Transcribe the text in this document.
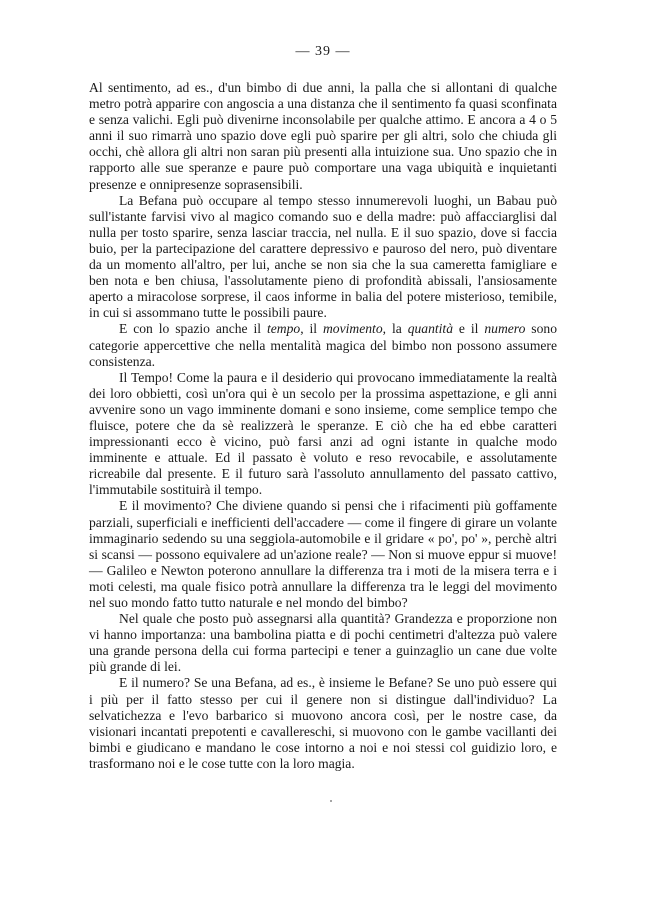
— 39 —

Al sentimento, ad es., d'un bimbo di due anni, la palla che si allontani di qualche metro potrà apparire con angoscia a una distanza che il sentimento fa quasi sconfinata e senza valichi. Egli può divenirne inconsolabile per qualche attimo. E ancora a 4 o 5 anni il suo rimarrà uno spazio dove egli può sparire per gli altri, solo che chiuda gli occhi, chè allora gli altri non saran più presenti alla intuizione sua. Uno spazio che in rapporto alle sue speranze e paure può comportare una vaga ubiquità e inquietanti presenze e onnipresenze soprasensibili.

La Befana può occupare al tempo stesso innumerevoli luoghi, un Babau può sull'istante farvisi vivo al magico comando suo e della madre: può affacciarglisi dal nulla per tosto sparire, senza lasciar traccia, nel nulla. E il suo spazio, dove si faccia buio, per la partecipazione del carattere depressivo e pauroso del nero, può diventare da un momento all'altro, per lui, anche se non sia che la sua cameretta famigliare e ben nota e ben chiusa, l'assolutamente pieno di profondità abissali, l'ansiosamente aperto a miracolose sorprese, il caos informe in balia del potere misterioso, temibile, in cui si assommano tutte le possibili paure.

E con lo spazio anche il tempo, il movimento, la quantità e il numero sono categorie appercettive che nella mentalità magica del bimbo non possono assumere consistenza.

Il Tempo! Come la paura e il desiderio qui provocano immediatamente la realtà dei loro obbietti, così un'ora qui è un secolo per la prossima aspettazione, e gli anni avvenire sono un vago imminente domani e sono insieme, come semplice tempo che fluisce, potere che da sè realizzerà le speranze. E ciò che ha ed ebbe caratteri impressionanti ecco è vicino, può farsi anzi ad ogni istante in qualche modo imminente e attuale. Ed il passato è voluto e reso revocabile, e assolutamente ricreabile dal presente. E il futuro sarà l'assoluto annullamento del passato cattivo, l'immutabile sostituirà il tempo.

E il movimento? Che diviene quando si pensi che i rifacimenti più goffamente parziali, superficiali e inefficienti dell'accadere — come il fingere di girare un volante immaginario sedendo su una seggiola-automobile e il gridare « po', po' », perchè altri si scansi — possono equivalere ad un'azione reale? — Non si muove eppur si muove! — Galileo e Newton poterono annullare la differenza tra i moti de la misera terra e i moti celesti, ma quale fisico potrà annullare la differenza tra le leggi del movimento nel suo mondo fatto tutto naturale e nel mondo del bimbo?

Nel quale che posto può assegnarsi alla quantità? Grandezza e proporzione non vi hanno importanza: una bambolina piatta e di pochi centimetri d'altezza può valere una grande persona della cui forma partecipi e tener a guinzaglio un cane due volte più grande di lei.

E il numero? Se una Befana, ad es., è insieme le Befane? Se uno può essere qui i più per il fatto stesso per cui il genere non si distingue dall'individuo? La selvatichezza e l'evo barbarico si muovono ancora così, per le nostre case, da visionari incantati prepotenti e cavallereschi, si muovono con le gambe vacillanti dei bimbi e giudicano e mandano le cose intorno a noi e noi stessi col guidizio loro, e trasformano noi e le cose tutte con la loro magia.
